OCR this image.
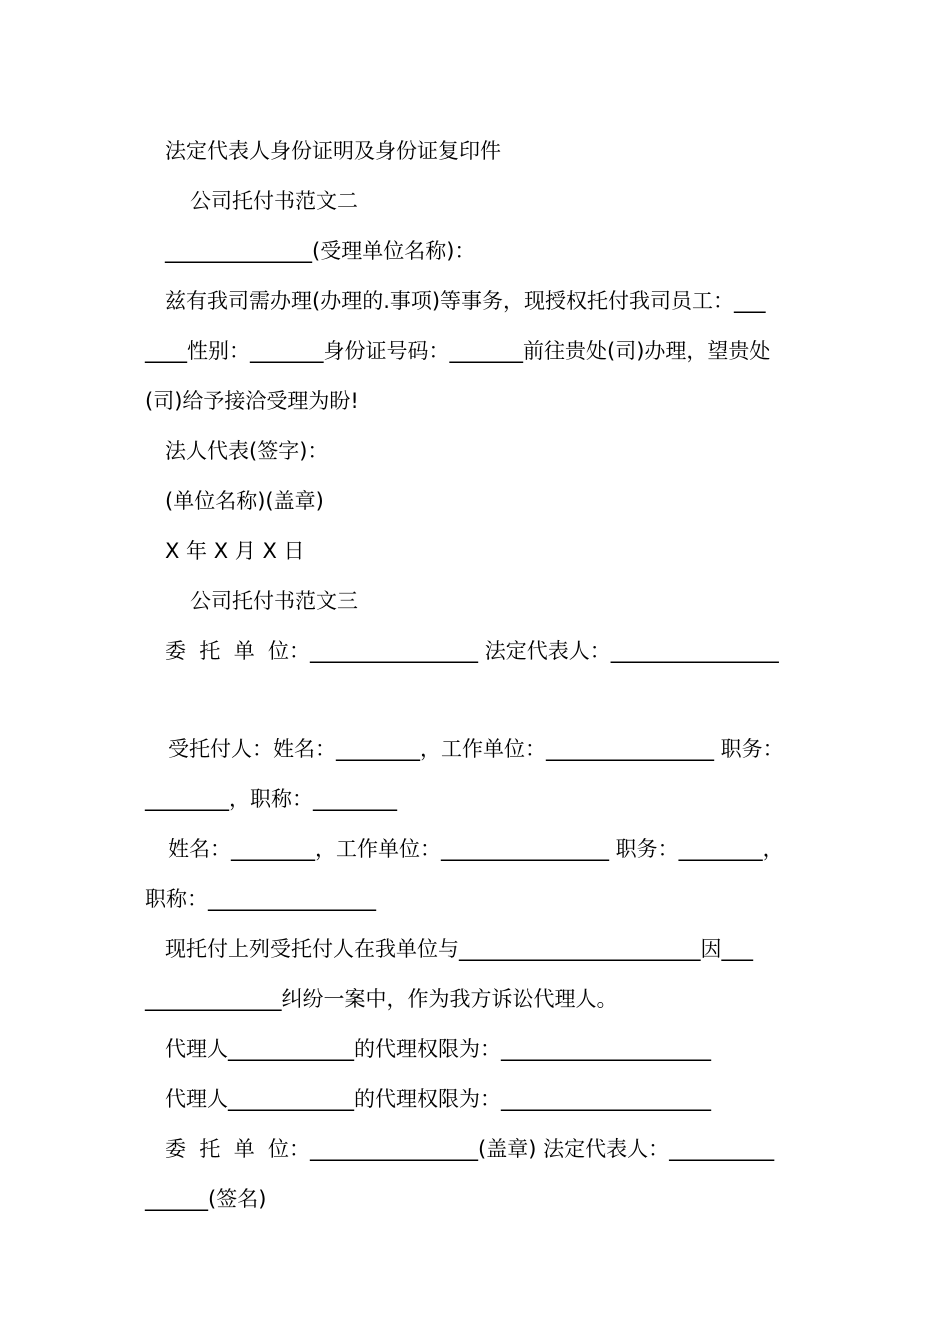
法定代表人身份证明及身份证复印件

公司托付书范文二

______________(受理单位名称)：

兹有我司需办理(办理的.事项)等事务，现授权托付我司员工：___

____性别：_______身份证号码：_______前往贵处(司)办理，望贵处

(司)给予接洽受理为盼!

法人代表(签字)：

(单位名称)(盖章)

X 年 X 月 X 日

公司托付书范文三

委  托  单  位：________________ 法定代表人：________________

受托付人：姓名：________，工作单位：________________ 职务：

________，职称：________

姓名：________，工作单位：________________ 职务：________，

职称：________________

现托付上列受托付人在我单位与_______________________因___

_____________纠纷一案中，作为我方诉讼代理人。

代理人____________的代理权限为：____________________

代理人____________的代理权限为：____________________

委  托  单  位：________________(盖章) 法定代表人：__________

______(签名)
